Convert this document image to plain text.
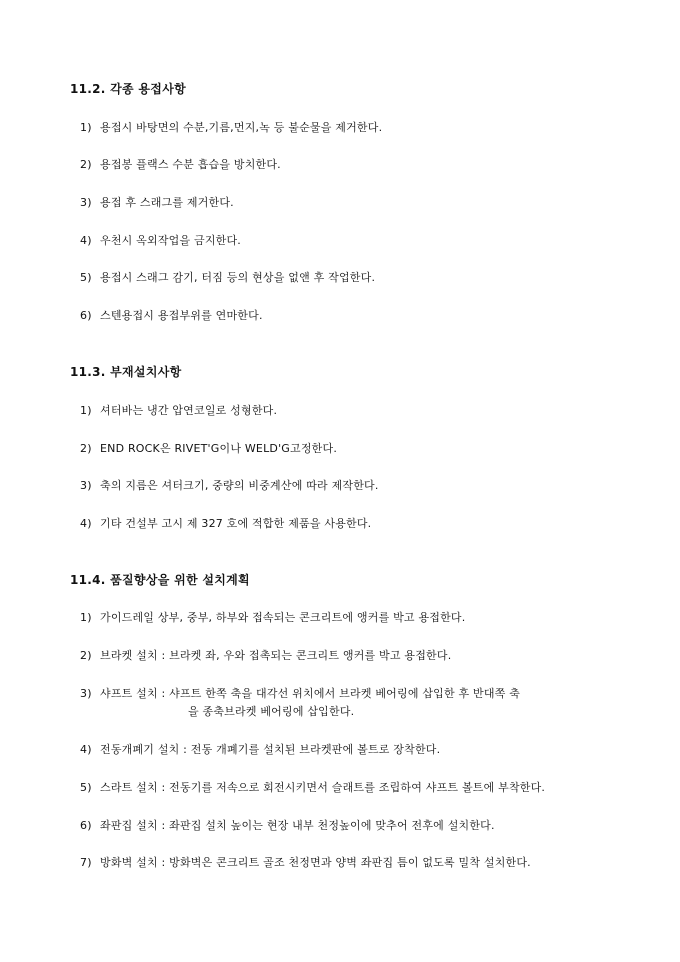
11.2. 각종 용접사항
1) 용접시 바탕면의 수분,기름,먼지,녹 등 불순물을 제거한다.
2) 용접봉 플랙스 수분 흡습을 방치한다.
3) 용접 후 스래그를 제거한다.
4) 우천시 옥외작업을 금지한다.
5) 용접시 스래그 감기, 터짐 등의 현상을 없앤 후 작업한다.
6) 스텐용접시 용접부위를 연마한다.
11.3. 부재설치사항
1) 셔터바는 냉간 압연코일로 성형한다.
2) END ROCK은 RIVET'G이나 WELD'G고정한다.
3) 축의 지름은 셔터크기, 중량의 비중계산에 따라 제작한다.
4) 기타 건설부 고시 제 327 호에 적합한 제품을 사용한다.
11.4. 품질향상을 위한 설치계획
1) 가이드레일 상부, 중부, 하부와 접속되는 콘크리트에 앵커를 박고 용접한다.
2) 브라켓 설치 : 브라켓 좌, 우와 접촉되는 콘크리트 앵커를 박고 용접한다.
3) 샤프트 설치 : 샤프트 한쪽 축을 대각선 위치에서 브라켓 베어링에 삽입한 후 반대쪽 축
을 종축브라켓 베어링에 삽입한다.
4) 전동개폐기 설치 : 전동 개폐기를 설치된 브라켓판에 볼트로 장착한다.
5) 스라트 설치 : 전동기를 저속으로 회전시키면서 슬래트를 조립하여 샤프트 볼트에 부착한다.
6) 좌판집 설치 : 좌판집 설치 높이는 현장 내부 천정높이에 맞추어 전후에 설치한다.
7) 방화벽 설치 : 방화벽은 콘크리트 골조 천정면과 양벽 좌판집 틈이 없도록 밀착 설치한다.
